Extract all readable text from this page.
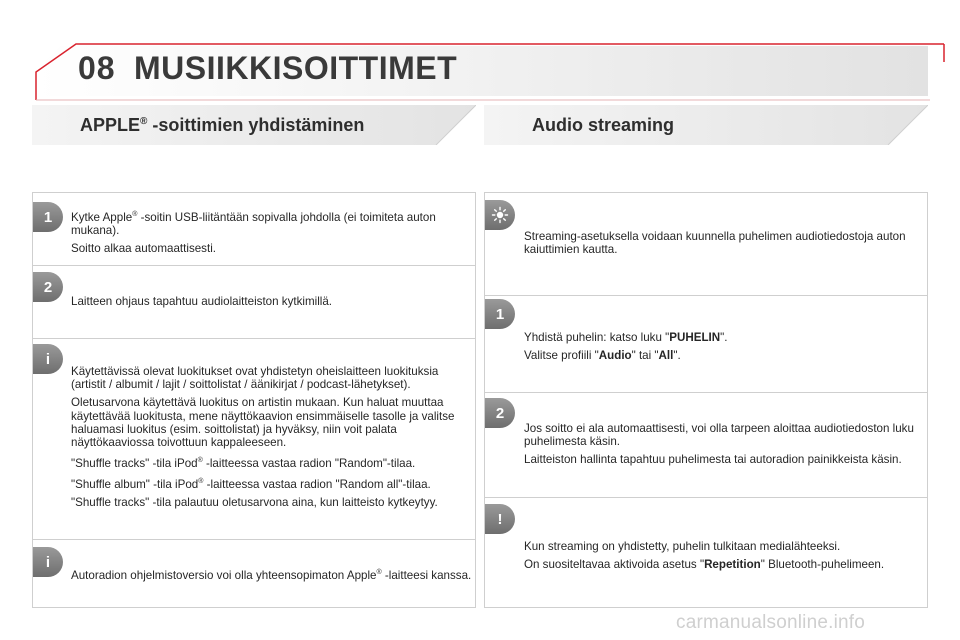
08 MUSIIKKISOITTIMET
APPLE® -soittimien yhdistäminen	Audio streaming
1	Kytke Apple® -soitin USB-liitäntään sopivalla johdolla (ei toimiteta auton mukana).

Soitto alkaa automaattisesti.

2

Laitteen ohjaus tapahtuu audiolaitteiston kytkimillä.

i

Käytettävissä olevat luokitukset ovat yhdistetyn oheislaitteen luokituksia (artistit / albumit / lajit / soittolistat / äänikirjat / podcast-lähetykset).

Oletusarvona käytettävä luokitus on artistin mukaan. Kun haluat muuttaa käytettävää luokitusta, mene näyttökaavion ensimmäiselle tasolle ja valitse haluamasi luokitus (esim. soittolistat) ja hyväksy, niin voit palata näyttökaaviossa toivottuun kappaleeseen.

"Shuffle tracks" -tila iPod® -laitteessa vastaa radion "Random"-tilaa.

"Shuffle album" -tila iPod® -laitteessa vastaa radion "Random all"-tilaa.

"Shuffle tracks" -tila palautuu oletusarvona aina, kun laitteisto kytkeytyy.

i

Autoradion ohjelmistoversio voi olla yhteensopimaton Apple® -laitteesi kanssa.

Streaming-asetuksella voidaan kuunnella puhelimen audiotiedostoja auton kaiuttimien kautta.

1

Yhdistä puhelin: katso luku "PUHELIN".

Valitse profiili "Audio" tai "All".

2

Jos soitto ei ala automaattisesti, voi olla tarpeen aloittaa audiotiedoston luku puhelimesta käsin.

Laitteiston hallinta tapahtuu puhelimesta tai autoradion painikkeista käsin.

!

Kun streaming on yhdistetty, puhelin tulkitaan medialähteeksi.

On suositeltavaa aktivoida asetus "Repetition" Bluetooth-puhelimeen.

carmanualsonline.info
